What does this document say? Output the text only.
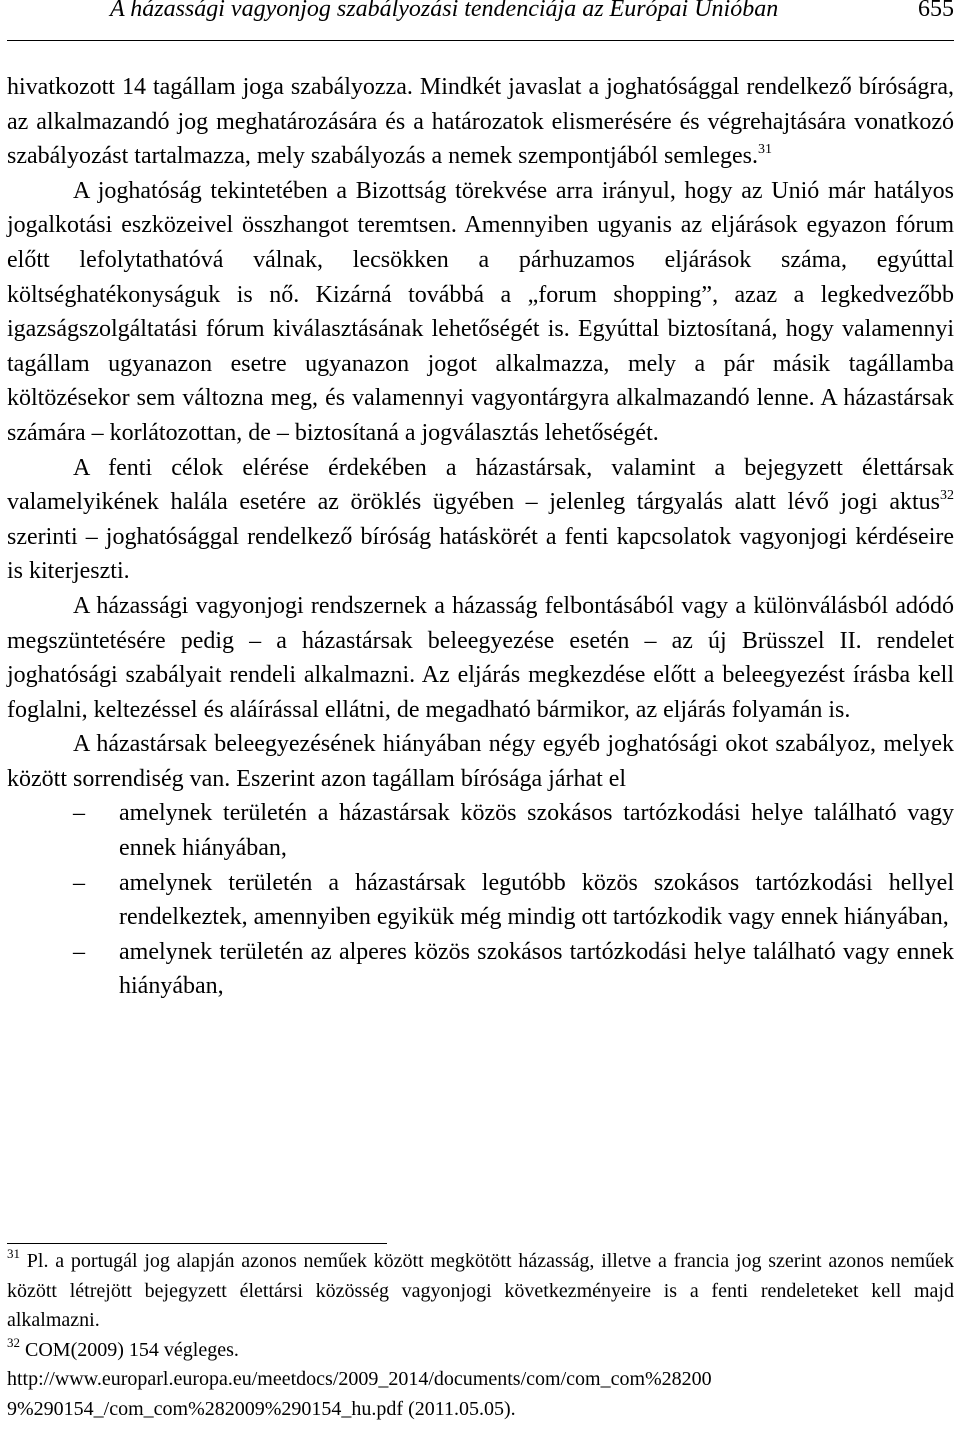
A házassági vagyonjog szabályozási tendenciája az Európai Unióban	655

hivatkozott 14 tagállam joga szabályozza. Mindkét javaslat a joghatósággal rendelkező bíróságra, az alkalmazandó jog meghatározására és a határozatok elismerésére és végrehajtására vonatkozó szabályozást tartalmazza, mely szabályozás a nemek szempontjából semleges.$^{31}$

A joghatóság tekintetében a Bizottság törekvése arra irányul, hogy az Unió már hatályos jogalkotási eszközeivel összhangot teremtsen. Amennyiben ugyanis az eljárások egyazon fórum előtt lefolytathatóvá válnak, lecsökken a párhuzamos eljárások száma, egyúttal költséghatékonyságuk is nő. Kizárná továbbá a „forum shopping”, azaz a legkedvezőbb igazságszolgáltatási fórum kiválasztásának lehetőségét is. Egyúttal biztosítaná, hogy valamennyi tagállam ugyanazon esetre ugyanazon jogot alkalmazza, mely a pár másik tagállamba költözésekor sem változna meg, és valamennyi vagyontárgyra alkalmazandó lenne. A házastársak számára – korlátozottan, de – biztosítaná a jogválasztás lehetőségét.

A fenti célok elérése érdekében a házastársak, valamint a bejegyzett élettársak valamelyikének halála esetére az öröklés ügyében – jelenleg tárgyalás alatt lévő jogi aktus$^{32}$ szerinti – joghatósággal rendelkező bíróság hatáskörét a fenti kapcsolatok vagyonjogi kérdéseire is kiterjeszti.

A házassági vagyonjogi rendszernek a házasság felbontásából vagy a különválásból adódó megszüntetésére pedig – a házastársak beleegyezése esetén – az új Brüsszel II. rendelet joghatósági szabályait rendeli alkalmazni. Az eljárás megkezdése előtt a beleegyezést írásba kell foglalni, keltezéssel és aláírással ellátni, de megadható bármikor, az eljárás folyamán is.

A házastársak beleegyezésének hiányában négy egyéb joghatósági okot szabályoz, melyek között sorrendiség van. Eszerint azon tagállam bírósága járhat el

– amelynek területén a házastársak közös szokásos tartózkodási helye található vagy ennek hiányában,
– amelynek területén a házastársak legutóbb közös szokásos tartózkodási hellyel rendelkeztek, amennyiben egyikük még mindig ott tartózkodik vagy ennek hiányában,
– amelynek területén az alperes közös szokásos tartózkodási helye található vagy ennek hiányában,

$^{31}$ Pl. a portugál jog alapján azonos neműek között megkötött házasság, illetve a francia jog szerint azonos neműek között létrejött bejegyzett élettársi közösség vagyonjogi következményeire is a fenti rendeleteket kell majd alkalmazni.

$^{32}$ COM(2009) 154 végleges.

http://www.europarl.europa.eu/meetdocs/2009_2014/documents/com/com_com%28200

9%290154_/com_com%282009%290154_hu.pdf (2011.05.05).
